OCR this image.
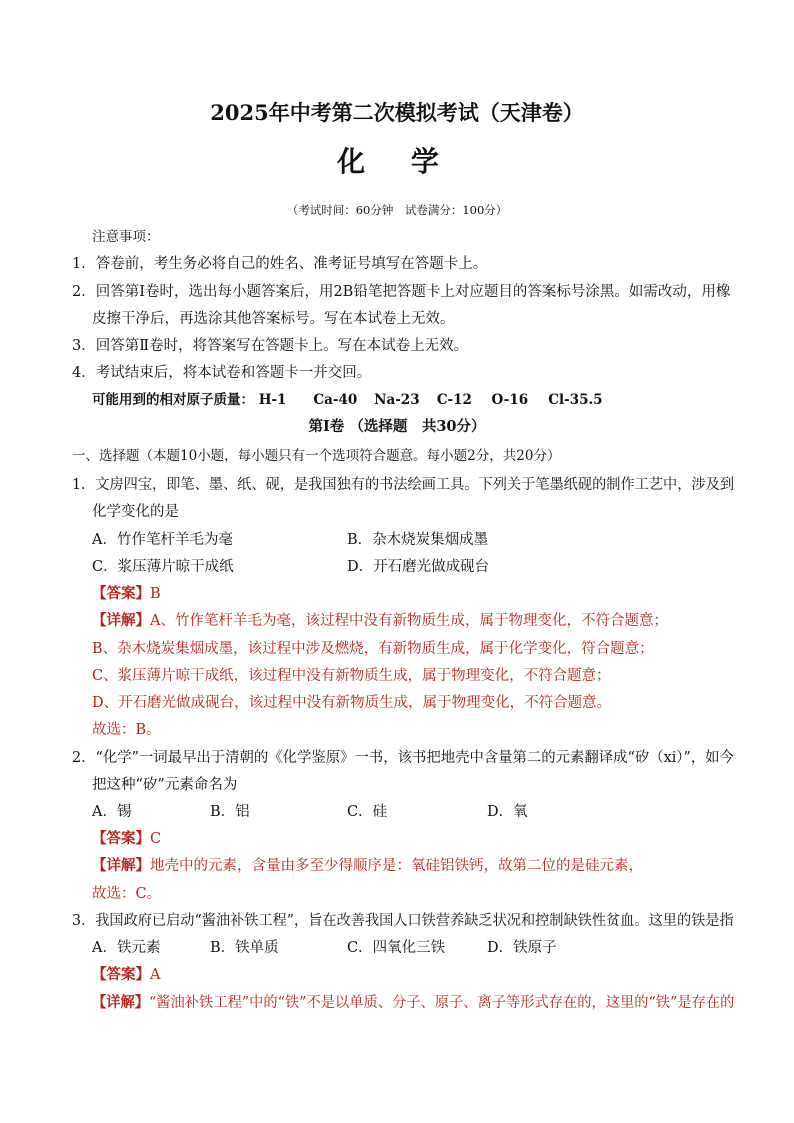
2025年中考第二次模拟考试（天津卷）
化 学
（考试时间：60分钟　试卷满分：100分）
注意事项：
1．答卷前，考生务必将自己的姓名、准考证号填写在答题卡上。
2．回答第Ⅰ卷时，选出每小题答案后，用2B铅笔把答题卡上对应题目的答案标号涂黑。如需改动，用橡
皮擦干净后，再选涂其他答案标号。写在本试卷上无效。
3．回答第Ⅱ卷时，将答案写在答题卡上。写在本试卷上无效。
4．考试结束后，将本试卷和答题卡一并交回。
可能用到的相对原子质量： H-1 Ca-40 Na-23 C-12 O-16 Cl-35.5
第Ⅰ卷 （选择题　共30分）
一、选择题（本题10小题，每小题只有一个选项符合题意。每小题2分，共20分）
1．文房四宝，即笔、墨、纸、砚，是我国独有的书法绘画工具。下列关于笔墨纸砚的制作工艺中，涉及到
化学变化的是
A．竹作笔杆羊毛为毫	B．杂木烧炭集烟成墨
C．浆压薄片晾干成纸	D．开石磨光做成砚台
【答案】B
【详解】A、竹作笔杆羊毛为毫，该过程中没有新物质生成，属于物理变化，不符合题意；
B、杂木烧炭集烟成墨，该过程中涉及燃烧，有新物质生成，属于化学变化，符合题意；
C、浆压薄片晾干成纸，该过程中没有新物质生成，属于物理变化，不符合题意；
D、开石磨光做成砚台，该过程中没有新物质生成，属于物理变化，不符合题意。
故选：B。
2．“化学”一词最早出于清朝的《化学鉴原》一书，该书把地壳中含量第二的元素翻译成“矽（xi）”，如今
把这种“矽”元素命名为
A．锡	B．铝	C．硅	D．氧
【答案】C
【详解】地壳中的元素，含量由多至少得顺序是：氧硅铝铁钙，故第二位的是硅元素，
故选：C。
3．我国政府已启动“酱油补铁工程”，旨在改善我国人口铁营养缺乏状况和控制缺铁性贫血。这里的铁是指
A．铁元素	B．铁单质	C．四氧化三铁	D．铁原子
【答案】A
【详解】“酱油补铁工程”中的“铁”不是以单质、分子、原子、离子等形式存在的，这里的“铁”是存在的
